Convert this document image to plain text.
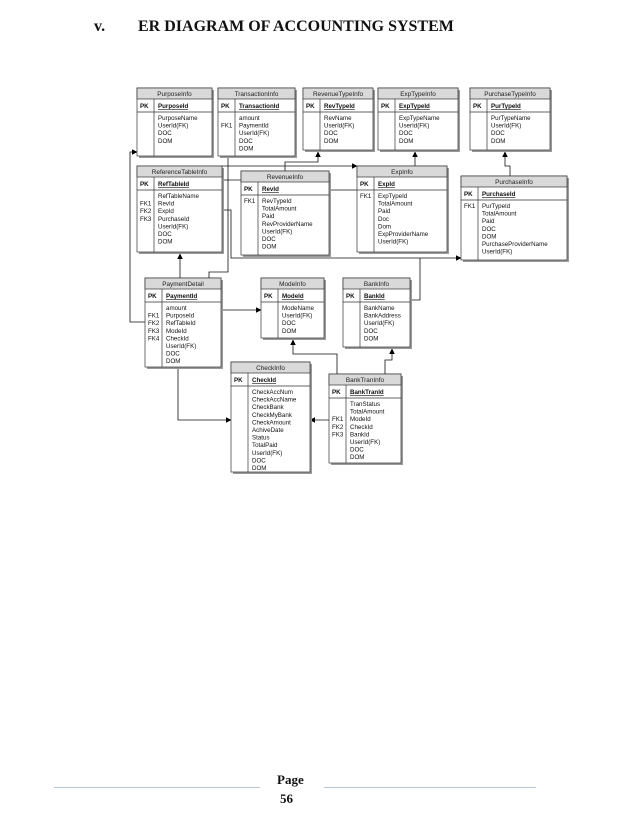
v. ER DIAGRAM OF ACCOUNTING SYSTEM
PurposeInfo
PK PurposeId
PurposeName
UserId(FK)
DOC
DOM
TransactionInfo
PK TransactionId
amount
FK1 PaymentId
UserId(FK)
DOC
DOM
RevenueTypeInfo
PK RevTypeId
RevName
UserId(FK)
DOC
DOM
ExpTypeInfo
PK ExpTypeId
ExpTypeName
UserId(FK)
DOC
DOM
PurchaseTypeInfo
PK PurTypeId
PurTypeName
UserId(FK)
DOC
DOM
ReferenceTableInfo
PK RefTableId
RefTableName
FK1 RevId
FK2 ExpId
FK3 PurchaseId
UserId(FK)
DOC
DOM
RevenueInfo
PK RevId
FK1 RevTypeId
TotalAmount
Paid
RevProviderName
UserId(FK)
DOC
DOM
ExpInfo
PK ExpId
FK1 ExpTypeId
TotalAmount
Paid
Doc
Dom
ExpProviderName
UserId(FK)
PurchaseInfo
PK PurchaseId
FK1 PurTypeId
TotalAmount
Paid
DOC
DOM
PurchaseProviderName
UserId(FK)
PaymentDetail
PK PaymentId
amount
FK1 PurposeId
FK2 RefTableId
FK3 ModeId
FK4 CheckId
UserId(FK)
DOC
DOM
ModeInfo
PK ModeId
ModeName
UserId(FK)
DOC
DOM
BankInfo
PK BankId
BankName
BankAddress
UserId(FK)
DOC
DOM
CheckInfo
PK CheckId
CheckAccNum
CheckAccName
CheckBank
CheckMyBank
CheckAmount
AchiveDate
Status
TotalPaid
UserId(FK)
DOC
DOM
BankTranInfo
PK BankTranId
TranStatus
TotalAmount
FK1 ModeId
FK2 CheckId
FK3 BankId
UserId(FK)
DOC
DOM
Page
56
